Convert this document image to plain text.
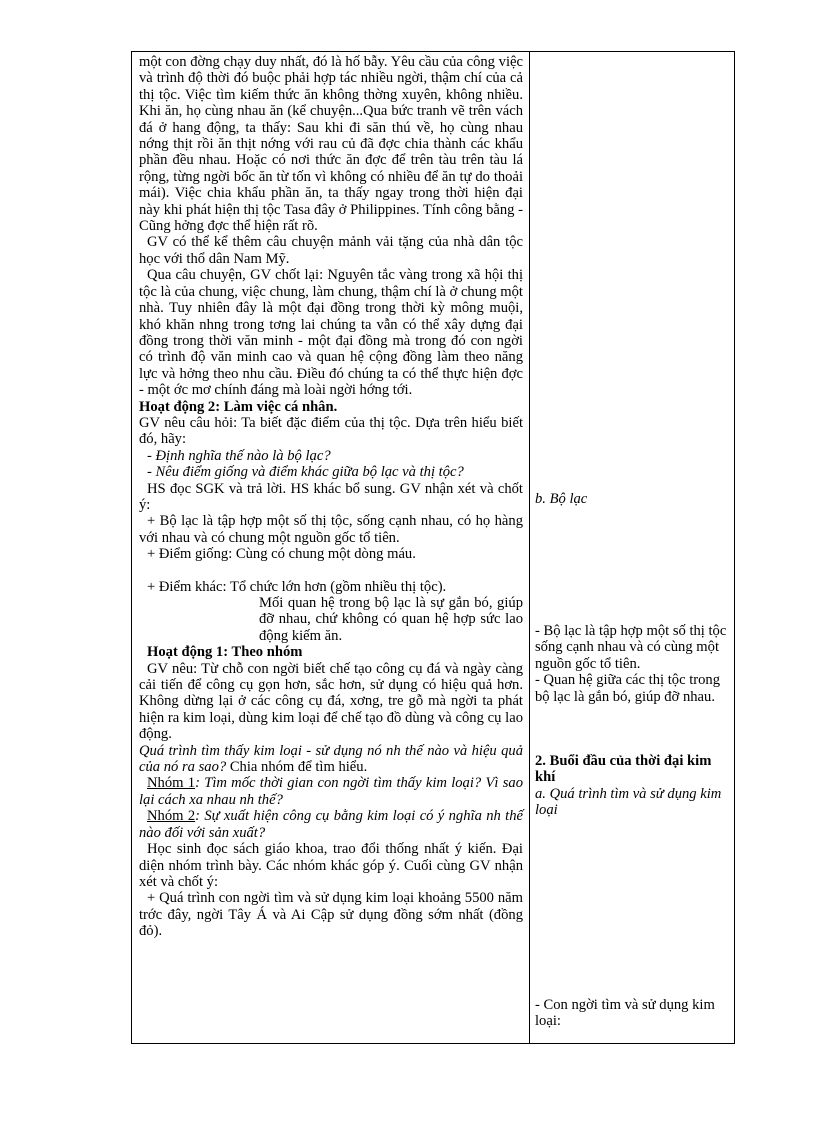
một con đờng chạy duy nhất, đó là hố bẫy. Yêu cầu của công việc và trình độ thời đó buộc phải hợp tác nhiều ngời, thậm chí của cả thị tộc. Việc tìm kiếm thức ăn không thờng xuyên, không nhiều. Khi ăn, họ cùng nhau ăn (kể chuyện...Qua bức tranh vẽ trên vách đá ở hang động, ta thấy: Sau khi đi săn thú về, họ cùng nhau nớng thịt rồi ăn thịt nớng với rau củ đã đợc chia thành các khẩu phần đều nhau. Hoặc có nơi thức ăn đợc để trên tàu trên tàu lá rộng, từng ngời bốc ăn từ tốn vì không có nhiều để ăn tự do thoải mái). Việc chia khẩu phần ăn, ta thấy ngay trong thời hiện đại này khi phát hiện thị tộc Tasa đây ở Philippines. Tính công bằng - Cũng hởng đợc thể hiện rất rõ.

GV có thể kể thêm câu chuyện mảnh vải tặng của nhà dân tộc học với thổ dân Nam Mỹ.

Qua câu chuyện, GV chốt lại: Nguyên tắc vàng trong xã hội thị tộc là của chung, việc chung, làm chung, thậm chí là ở chung một nhà. Tuy nhiên đây là một đại đồng trong thời kỳ mông muội, khó khăn nhng trong tơng lai chúng ta vẫn có thể xây dựng đại đồng trong thời văn minh - một đại đồng mà trong đó con ngời có trình độ văn minh cao và quan hệ cộng đồng làm theo năng lực và hởng theo nhu cầu. Điều đó chúng ta có thể thực hiện đợc - một ớc mơ chính đáng mà loài ngời hớng tới.

Hoạt động 2: Làm việc cá nhân.

GV nêu câu hỏi: Ta biết đặc điểm của thị tộc. Dựa trên hiểu biết đó, hãy:

- Định nghĩa thế nào là bộ lạc?

- Nêu điểm giống và điểm khác giữa bộ lạc và thị tộc?

HS đọc SGK và trả lời. HS khác bổ sung. GV nhận xét và chốt ý:

+ Bộ lạc là tập hợp một số thị tộc, sống cạnh nhau, có họ hàng với nhau và có chung một nguồn gốc tổ tiên.

+ Điểm giống: Cùng có chung một dòng máu.

+ Điểm khác: Tổ chức lớn hơn (gồm nhiều thị tộc).

Mối quan hệ trong bộ lạc là sự gắn bó, giúp đỡ nhau, chứ không có quan hệ hợp sức lao động kiếm ăn.

Hoạt động 1: Theo nhóm

GV nêu: Từ chỗ con ngời biết chế tạo công cụ đá và ngày càng cải tiến để công cụ gọn hơn, sắc hơn, sử dụng có hiệu quả hơn. Không dừng lại ở các công cụ đá, xơng, tre gỗ mà ngời ta phát hiện ra kim loại, dùng kim loại để chế tạo đồ dùng và công cụ lao động.

Quá trình tìm thấy kim loại - sử dụng nó nh thế nào và hiệu quả của nó ra sao? Chia nhóm để tìm hiểu.

Nhóm 1: Tìm mốc thời gian con ngời tìm thấy kim loại? Vì sao lại cách xa nhau nh thế?

Nhóm 2: Sự xuất hiện công cụ bằng kim loại có ý nghĩa nh thế nào đối với sản xuất?

Học sinh đọc sách giáo khoa, trao đổi thống nhất ý kiến. Đại diện nhóm trình bày. Các nhóm khác góp ý. Cuối cùng GV nhận xét và chốt ý:

+ Quá trình con ngời tìm và sử dụng kim loại khoảng 5500 năm trớc đây, ngời Tây Á và Ai Cập sử dụng đồng sớm nhất (đồng đỏ).

b. Bộ lạc

- Bộ lạc là tập hợp một số thị tộc sống cạnh nhau và có cùng một nguồn gốc tổ tiên.

- Quan hệ giữa các thị tộc trong bộ lạc là gắn bó, giúp đỡ nhau.

2. Buổi đầu của thời đại kim khí

a. Quá trình tìm và sử dụng kim loại

- Con ngời tìm và sử dụng kim loại:
